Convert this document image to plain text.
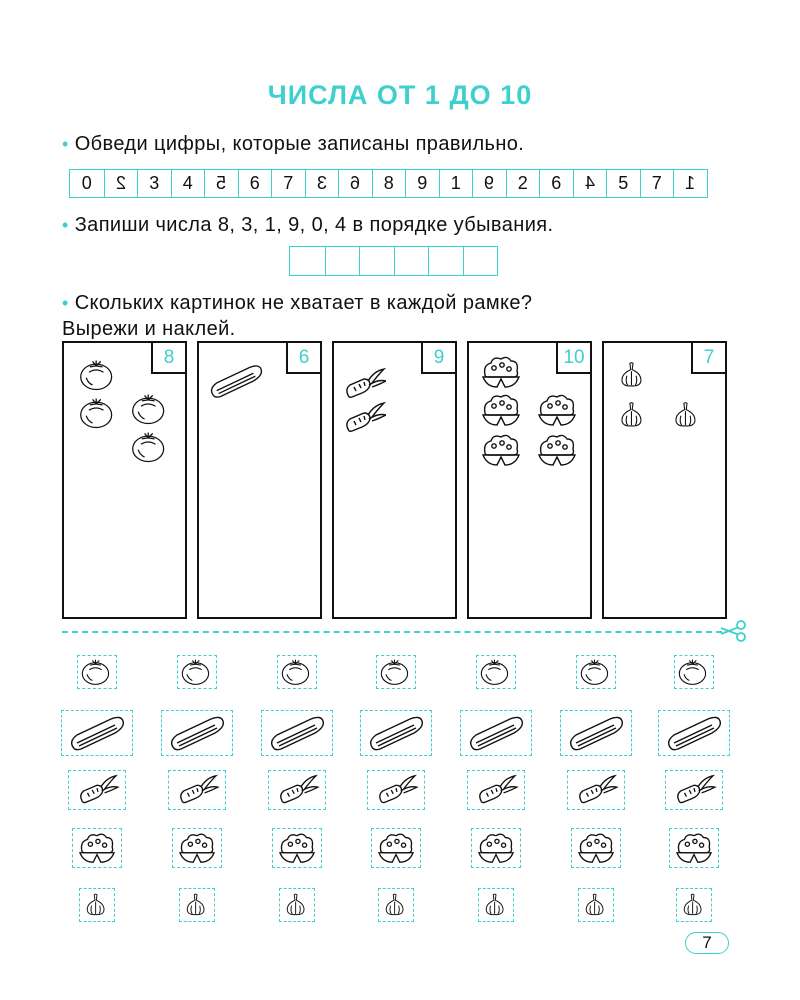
ЧИСЛА ОТ 1 ДО 10
• Обведи цифры, которые записаны правильно.
0	2	3	4	5	6	7	3	6	8	9	1	9	2	6	4	5	7	1
• Запиши числа 8, 3, 1, 9, 0, 4 в порядке убывания.
• Скольких картинок не хватает в каждой рамке?
Вырежи и наклей.
8	6	9	10	7
7
